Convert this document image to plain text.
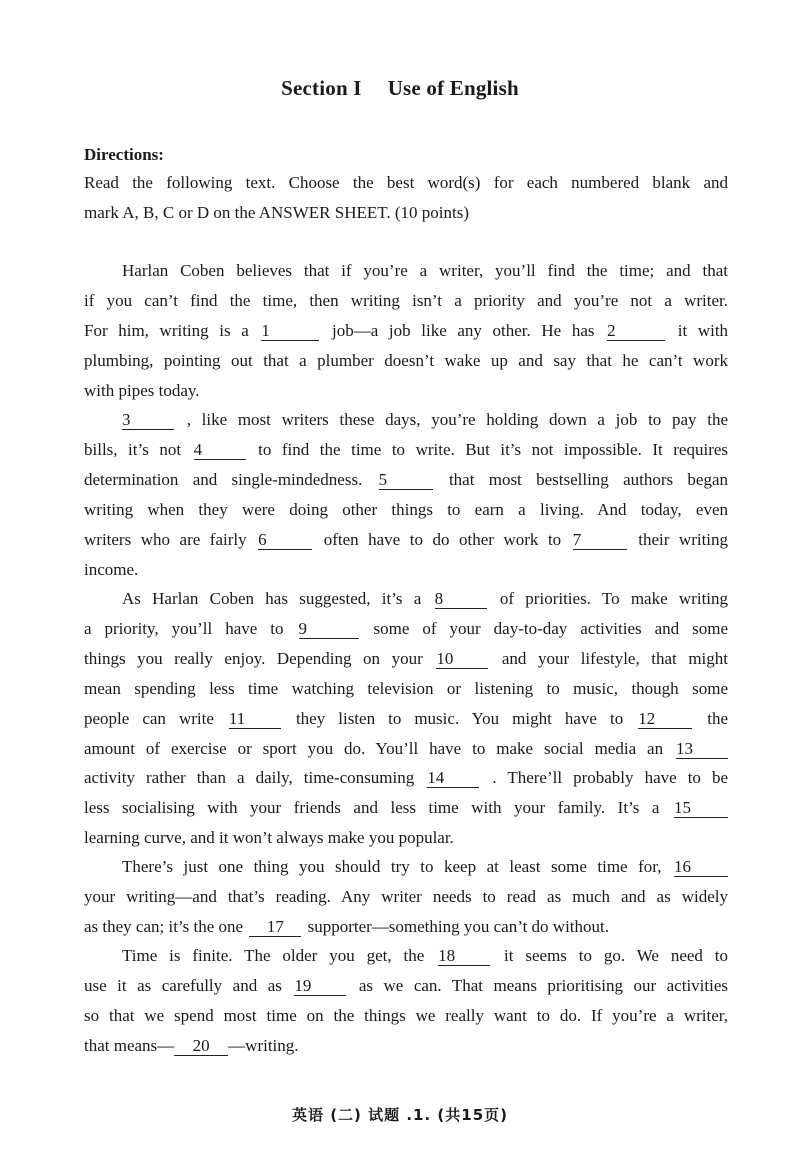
Section I Use of English
Directions:
Read the following text. Choose the best word(s) for each numbered blank and
mark A, B, C or D on the ANSWER SHEET. (10 points)
Harlan Coben believes that if you’re a writer, you’ll find the time; and that
if you can’t find the time, then writing isn’t a priority and you’re not a writer.
For him, writing is a 1	job—a job like any other. He has 2	it with
plumbing, pointing out that a plumber doesn’t wake up and say that he can’t work
with pipes today.
3	, like most writers these days, you’re holding down a job to pay the
bills, it’s not 4	to find the time to write. But it’s not impossible. It requires
determination and single-mindedness. 5	that most bestselling authors began
writing when they were doing other things to earn a living. And today, even
writers who are fairly 6	often have to do other work to 7	their writing
income.
As Harlan Coben has suggested, it’s a 8	of priorities. To make writing
a priority, you’ll have to 9	some of your day-to-day activities and some
things you really enjoy. Depending on your 10	and your lifestyle, that might
mean spending less time watching television or listening to music, though some
people can write 11	they listen to music. You might have to 12	the
amount of exercise or sport you do. You’ll have to make social media an 13
activity rather than a daily, time-consuming 14	. There’ll probably have to be
less socialising with your friends and less time with your family. It’s a 15
learning curve, and it won’t always make you popular.
There’s just one thing you should try to keep at least some time for, 16
your writing—and that’s reading. Any writer needs to read as much and as widely
as they can; it’s the one 17 supporter—something you can’t do without.
Time is finite. The older you get, the 18	it seems to go. We need to
use it as carefully and as 19	as we can. That means prioritising our activities
so that we spend most time on the things we really want to do. If you’re a writer,
that means— 20 —writing.
英语 (二) 试题 .1. (共15页)
